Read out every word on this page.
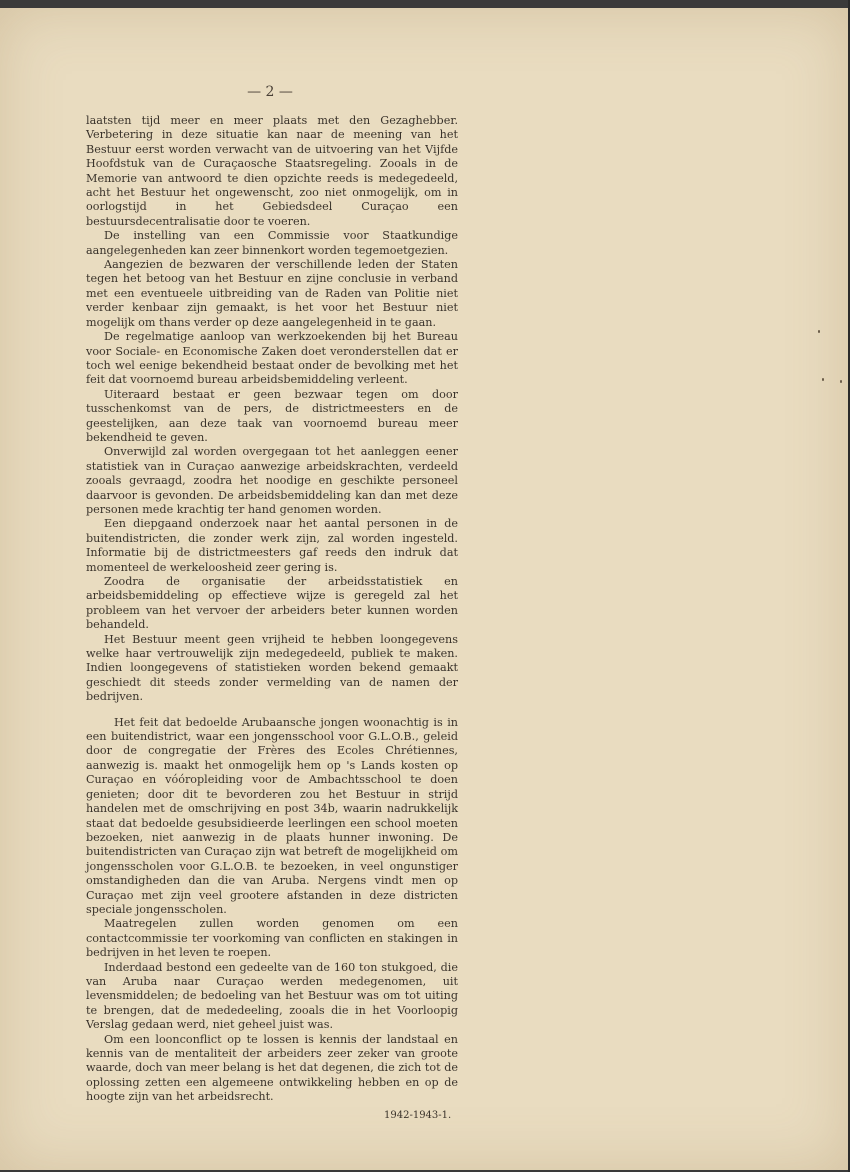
— 2 —

laatsten tijd meer en meer plaats met den Gezaghebber. Verbetering in deze situatie kan naar de meening van het Bestuur eerst worden verwacht van de uitvoering van het Vijfde Hoofdstuk van de Curaçaosche Staatsregeling. Zooals in de Memorie van antwoord te dien opzichte reeds is medegedeeld, acht het Bestuur het ongewenscht, zoo niet onmogelijk, om in oorlogstijd in het Gebiedsdeel Curaçao een bestuursdecentralisatie door te voeren.

De instelling van een Commissie voor Staatkundige aangelegenheden kan zeer binnenkort worden tegemoetgezien.

Aangezien de bezwaren der verschillende leden der Staten tegen het betoog van het Bestuur en zijne conclusie in verband met een eventueele uitbreiding van de Raden van Politie niet verder kenbaar zijn gemaakt, is het voor het Bestuur niet mogelijk om thans verder op deze aangelegenheid in te gaan.

De regelmatige aanloop van werkzoekenden bij het Bureau voor Sociale- en Economische Zaken doet veronderstellen dat er toch wel eenige bekendheid bestaat onder de bevolking met het feit dat voornoemd bureau arbeidsbemiddeling verleent.

Uiteraard bestaat er geen bezwaar tegen om door tusschenkomst van de pers, de districtmeesters en de geestelijken, aan deze taak van voornoemd bureau meer bekendheid te geven.

Onverwijld zal worden overgegaan tot het aanleggen eener statistiek van in Curaçao aanwezige arbeidskrachten, verdeeld zooals gevraagd, zoodra het noodige en geschikte personeel daarvoor is gevonden. De arbeidsbemiddeling kan dan met deze personen mede krachtig ter hand genomen worden.

Een diepgaand onderzoek naar het aantal personen in de buitendistricten, die zonder werk zijn, zal worden ingesteld. Informatie bij de districtmeesters gaf reeds den indruk dat momenteel de werkeloosheid zeer gering is.

Zoodra de organisatie der arbeidsstatistiek en arbeidsbemiddeling op effectieve wijze is geregeld zal het probleem van het vervoer der arbeiders beter kunnen worden behandeld.

Het Bestuur meent geen vrijheid te hebben loongegevens welke haar vertrouwelijk zijn medegedeeld, publiek te maken. Indien loongegevens of statistieken worden bekend gemaakt geschiedt dit steeds zonder vermelding van de namen der bedrijven.

Het feit dat bedoelde Arubaansche jongen woonachtig is in een buitendistrict, waar een jongensschool voor G.L.O.B., geleid door de congregatie der Frères des Ecoles Chrétiennes, aanwezig is. maakt het onmogelijk hem op 's Lands kosten op Curaçao en vóóropleiding voor de Ambachtsschool te doen genieten; door dit te bevorderen zou het Bestuur in strijd handelen met de omschrijving en post 34b, waarin nadrukkelijk staat dat bedoelde gesubsidieerde leerlingen een school moeten bezoeken, niet aanwezig in de plaats hunner inwoning. De buitendistricten van Curaçao zijn wat betreft de mogelijkheid om jongensscholen voor G.L.O.B. te bezoeken, in veel ongunstiger omstandigheden dan die van Aruba. Nergens vindt men op Curaçao met zijn veel grootere afstanden in deze districten speciale jongensscholen.

Maatregelen zullen worden genomen om een contactcommissie ter voorkoming van conflicten en stakingen in bedrijven in het leven te roepen.

Inderdaad bestond een gedeelte van de 160 ton stukgoed, die van Aruba naar Curaçao werden medegenomen, uit levensmiddelen; de bedoeling van het Bestuur was om tot uiting te brengen, dat de mededeeling, zooals die in het Voorloopig Verslag gedaan werd, niet geheel juist was.

Om een loonconflict op te lossen is kennis der landstaal en kennis van de mentaliteit der arbeiders zeer zeker van groote waarde, doch van meer belang is het dat degenen, die zich tot de oplossing zetten een algemeene ontwikkeling hebben en op de hoogte zijn van het arbeidsrecht.

1942-1943-1.
